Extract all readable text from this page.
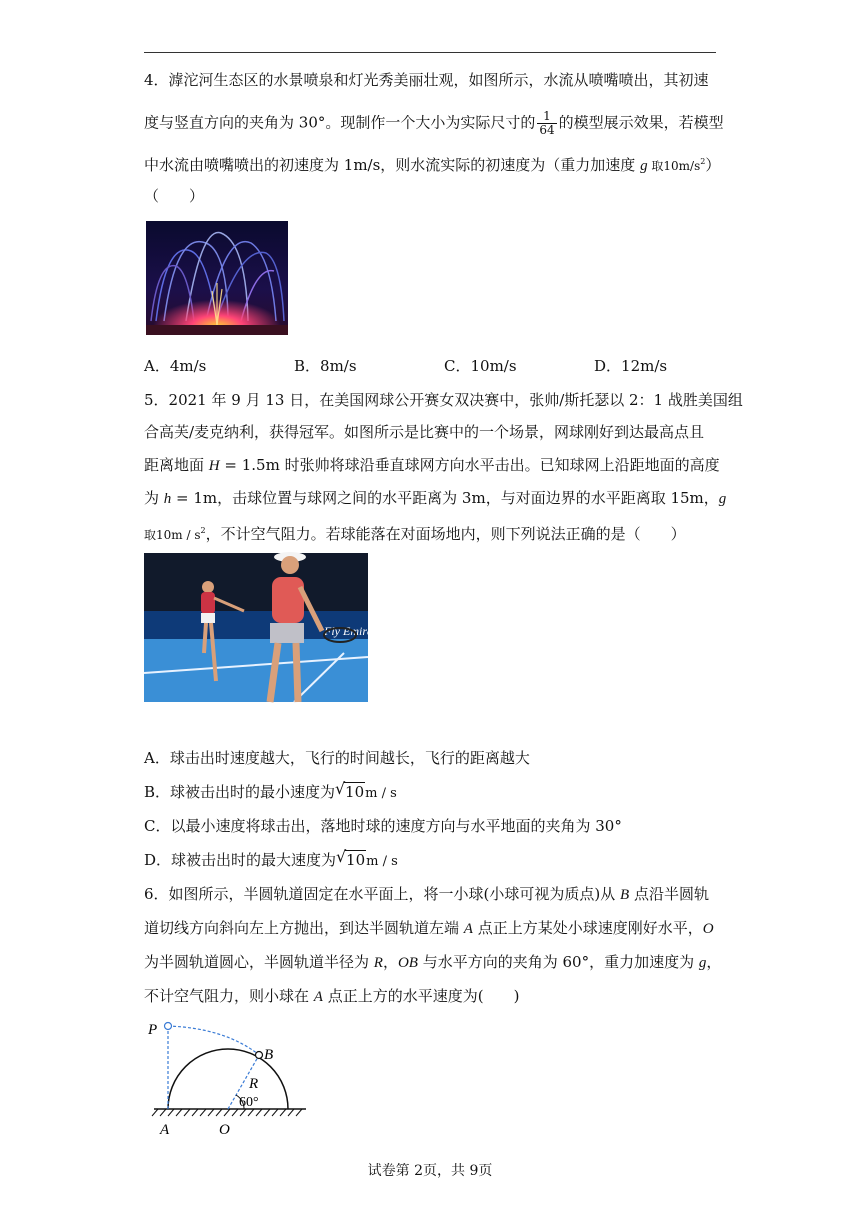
4．滹沱河生态区的水景喷泉和灯光秀美丽壮观，如图所示，水流从喷嘴喷出，其初速
度与竖直方向的夹角为 30°。现制作一个大小为实际尺寸的 $\frac{1}{64}$ 的模型展示效果，若模型
中水流由喷嘴喷出的初速度为 1m/s，则水流实际的初速度为（重力加速度 g 取$10m/s^2$）
（　　）
A．4m/s	B．8m/s	C．10m/s	D．12m/s
5．2021 年 9 月 13 日，在美国网球公开赛女双决赛中，张帅/斯托瑟以 2：1 战胜美国组
合高芙/麦克纳利，获得冠军。如图所示是比赛中的一个场景，网球刚好到达最高点且
距离地面 H = 1.5m 时张帅将球沿垂直球网方向水平击出。已知球网上沿距地面的高度
为 h = 1m，击球位置与球网之间的水平距离为 3m，与对面边界的水平距离取 15m，g
取$10m / s^2$，不计空气阻力。若球能落在对面场地内，则下列说法正确的是（　　）
Fly Emirates
A．球击出时速度越大，飞行的时间越长，飞行的距离越大
B．球被击出时的最小速度为 √ 10m / s
C．以最小速度将球击出，落地时球的速度方向与水平地面的夹角为 30°
D．球被击出时的最大速度为 √ 10m / s
6．如图所示，半圆轨道固定在水平面上，将一小球(小球可视为质点)从 B 点沿半圆轨
道切线方向斜向左上方抛出，到达半圆轨道左端 A 点正上方某处小球速度刚好水平，O
为半圆轨道圆心，半圆轨道半径为 R，OB 与水平方向的夹角为 60°，重力加速度为 g，
不计空气阻力，则小球在 A 点正上方的水平速度为(　　)
P
B
R
60°
A	O
试卷第 2页，共 9页
